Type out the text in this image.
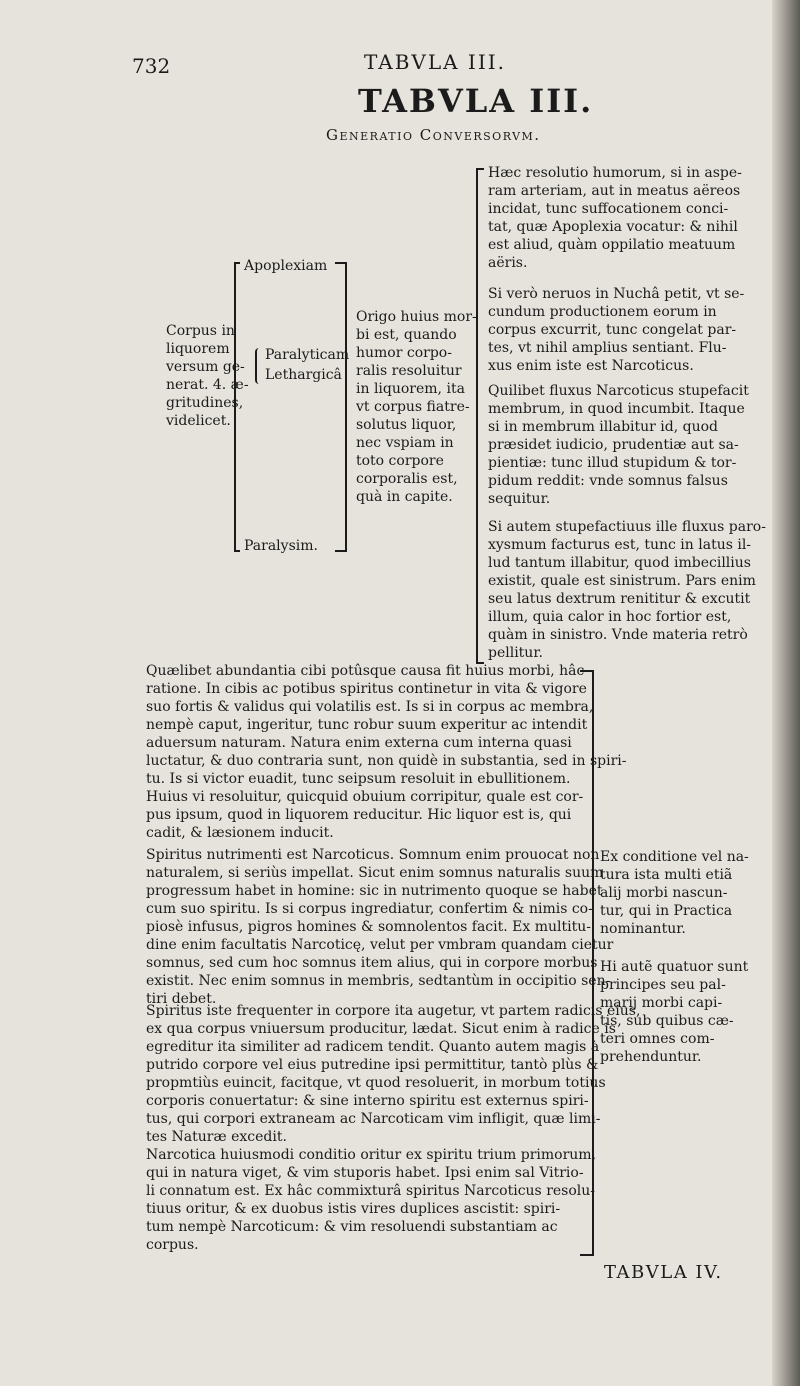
732	TABVLA III.
TABVLA III.
Generatio Conversorvm.
Corpus in
liquorem
versum ge-
nerat. 4. æ-
gritudines,
videlicet.
Apoplexiam
Paralyticam
Lethargicâ
Paralysim.
Origo huius mor-
bi est, quando
humor corpo-
ralis resoluitur
in liquorem, ita
vt corpus fiatre-
solutus liquor,
nec vspiam in
toto corpore
corporalis est,
quà in capite.
Hæc resolutio humorum, si in aspe-
ram arteriam, aut in meatus aëreos
incidat, tunc suffocationem conci-
tat, quæ Apoplexia vocatur: & nihil
est aliud, quàm oppilatio meatuum
aëris.
Si verò neruos in Nuchâ petit, vt se-
cundum productionem eorum in
corpus excurrit, tunc congelat par-
tes, vt nihil amplius sentiant. Flu-
xus enim iste est Narcoticus.
Quilibet fluxus Narcoticus stupefacit
membrum, in quod incumbit. Itaque
si in membrum illabitur id, quod
præsidet iudicio, prudentiæ aut sa-
pientiæ: tunc illud stupidum & tor-
pidum reddit: vnde somnus falsus
sequitur.
Si autem stupefactiuus ille fluxus paro-
xysmum facturus est, tunc in latus il-
lud tantum illabitur, quod imbecillius
existit, quale est sinistrum. Pars enim
seu latus dextrum renititur & excutit
illum, quia calor in hoc fortior est,
quàm in sinistro. Vnde materia retrò
pellitur.
Quælibet abundantia cibi potûsque causa fit huius morbi, hâc
ratione. In cibis ac potibus spiritus continetur in vita & vigore
suo fortis & validus qui volatilis est. Is si in corpus ac membra,
nempè caput, ingeritur, tunc robur suum experitur ac intendit
aduersum naturam. Natura enim externa cum interna quasi
luctatur, & duo contraria sunt, non quidè in substantia, sed in spiri-
tu. Is si victor euadit, tunc seipsum resoluit in ebullitionem.
Huius vi resoluitur, quicquid obuium corripitur, quale est cor-
pus ipsum, quod in liquorem reducitur. Hic liquor est is, qui
cadit, & læsionem inducit.
Spiritus nutrimenti est Narcoticus. Somnum enim prouocat non
naturalem, si seriùs impellat. Sicut enim somnus naturalis suum
progressum habet in homine: sic in nutrimento quoque se habet
cum suo spiritu. Is si corpus ingrediatur, confertim & nimis co-
piosè infusus, pigros homines & somnolentos facit. Ex multitu-
dine enim facultatis Narcoticę, velut per vmbram quandam cietur
somnus, sed cum hoc somnus item alius, qui in corpore morbus
existit. Nec enim somnus in membris, sedtantùm in occipitio sen-
tiri debet.
Spiritus iste frequenter in corpore ita augetur, vt partem radicis eius,
ex qua corpus vniuersum producitur, lædat. Sicut enim à radice is
egreditur ita similiter ad radicem tendit. Quanto autem magis à
putrido corpore vel eius putredine ipsi permittitur, tantò plùs &
propmtiùs euincit, facitque, vt quod resoluerit, in morbum totius
corporis conuertatur: & sine interno spiritu est externus spiri-
tus, qui corpori extraneam ac Narcoticam vim infligit, quæ limi-
tes Naturæ excedit.
Narcotica huiusmodi conditio oritur ex spiritu trium primorum,
qui in natura viget, & vim stuporis habet. Ipsi enim sal Vitrio-
li connatum est. Ex hâc commixturâ spiritus Narcoticus resolu-
tiuus oritur, & ex duobus istis vires duplices ascistit: spiri-
tum nempè Narcoticum: & vim resoluendi substantiam ac
corpus.
Ex conditione vel na-
tura ista multi etiã
alij morbi nascun-
tur, qui in Practica
nominantur.
Hi autẽ quatuor sunt
principes seu pal-
marij morbi capi-
tis, sub quibus cæ-
teri omnes com-
prehenduntur.
TABVLA IV.
